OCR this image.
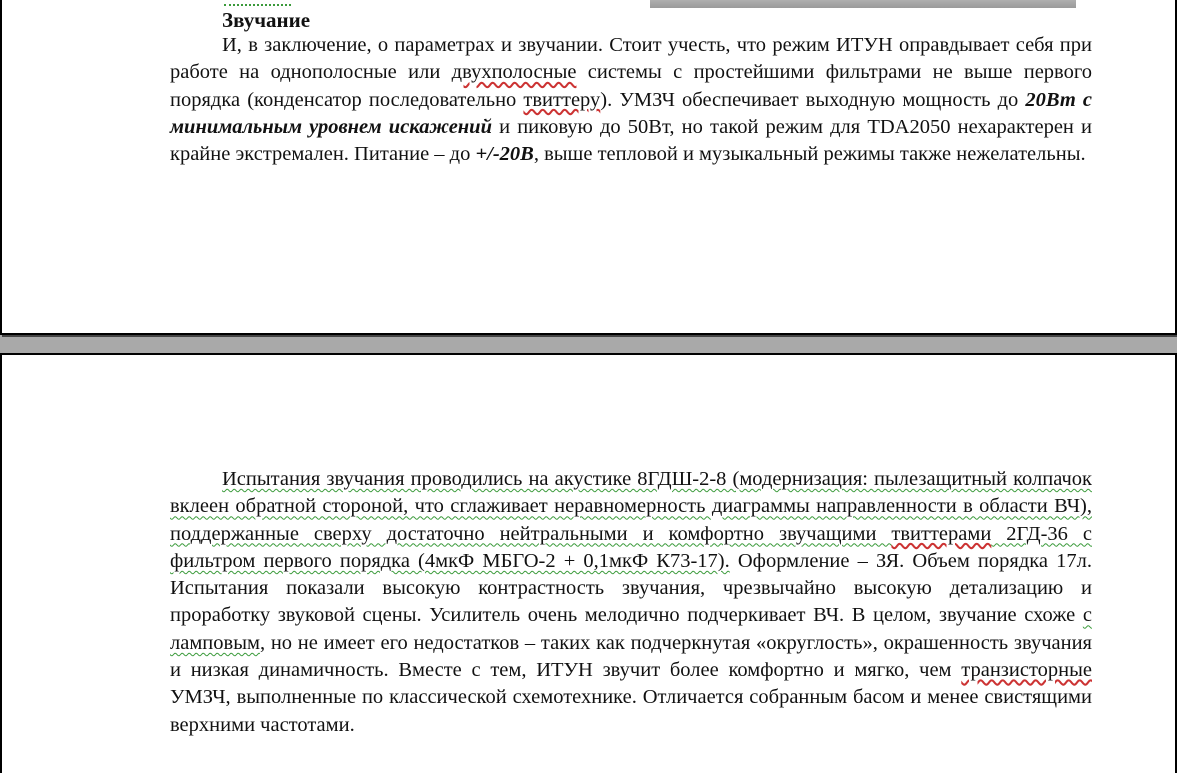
Звучание

И, в заключение, о параметрах и звучании. Стоит учесть, что режим ИТУН оправдывает себя при работе на однополосные или двухполосные системы с простейшими фильтрами не выше первого порядка (конденсатор последовательно твиттеру). УМЗЧ обеспечивает выходную мощность до 20Вт с минимальным уровнем искажений и пиковую до 50Вт, но такой режим для TDA2050 нехарактерен и крайне экстремален. Питание – до +/-20В, выше тепловой и музыкальный режимы также нежелательны.

Испытания звучания проводились на акустике 8ГДШ-2-8 (модернизация: пылезащитный колпачок вклеен обратной стороной, что сглаживает неравномерность диаграммы направленности в области ВЧ), поддержанные сверху достаточно нейтральными и комфортно звучащими твиттерами 2ГД-36 с фильтром первого порядка (4мкФ МБГО-2 + 0,1мкФ К73-17). Оформление – ЗЯ. Объем порядка 17л. Испытания показали высокую контрастность звучания, чрезвычайно высокую детализацию и проработку звуковой сцены. Усилитель очень мелодично подчеркивает ВЧ. В целом, звучание схоже с ламповым, но не имеет его недостатков – таких как подчеркнутая «округлость», окрашенность звучания и низкая динамичность. Вместе с тем, ИТУН звучит более комфортно и мягко, чем транзисторные УМЗЧ, выполненные по классической схемотехнике. Отличается собранным басом и менее свистящими верхними частотами.
